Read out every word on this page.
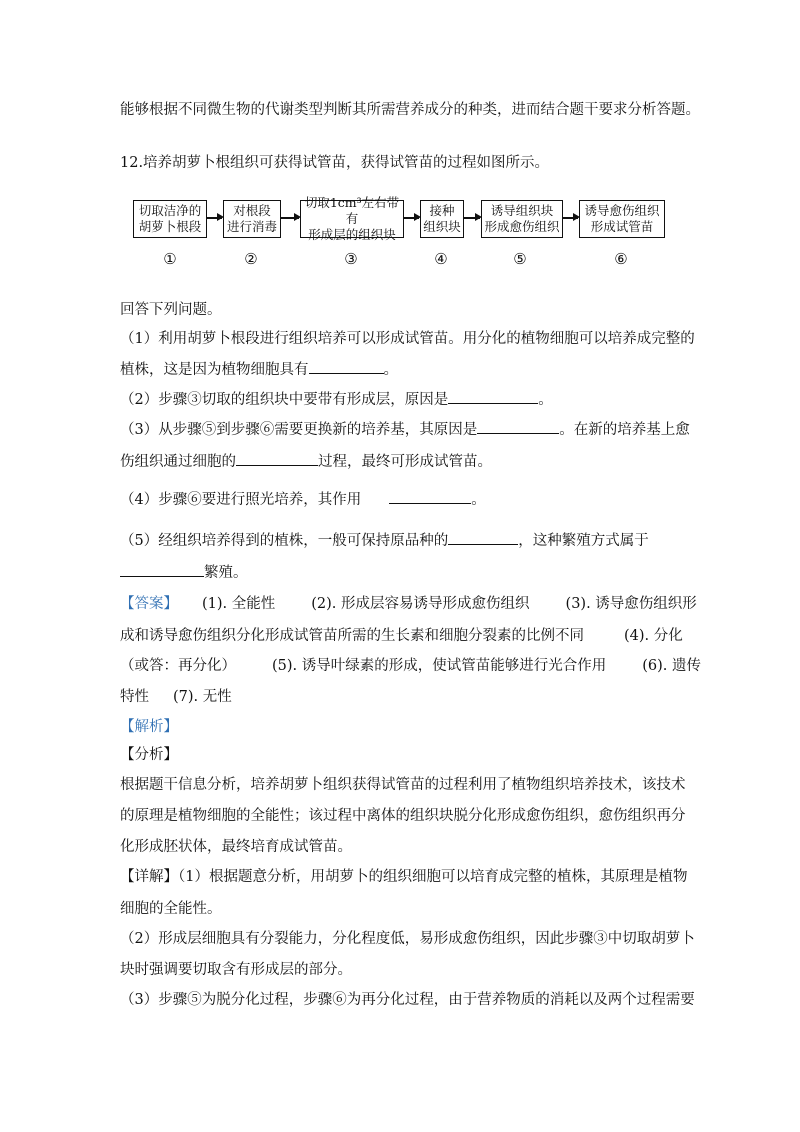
能够根据不同微生物的代谢类型判断其所需营养成分的种类，进而结合题干要求分析答题。
12.培养胡萝卜根组织可获得试管苗，获得试管苗的过程如图所示。
切取洁净的
胡萝卜根段
对根段
进行消毒
切取1cm³左右带有
形成层的组织块
接种
组织块
诱导组织块
形成愈伤组织
诱导愈伤组织
形成试管苗
①	②	③	④	⑤	⑥
回答下列问题。
（1）利用胡萝卜根段进行组织培养可以形成试管苗。用分化的植物细胞可以培养成完整的
植株，这是因为植物细胞具有	。
（2）步骤③切取的组织块中要带有形成层，原因是	。
（3）从步骤⑤到步骤⑥需要更换新的培养基，其原因是	。在新的培养基上愈
伤组织通过细胞的	过程，最终可形成试管苗。
（4）步骤⑥要进行照光培养，其作用	。
（5）经组织培养得到的植株，一般可保持原品种的	，这种繁殖方式属于
繁殖。
【答案】 (1). 全能性 (2). 形成层容易诱导形成愈伤组织 (3). 诱导愈伤组织形
成和诱导愈伤组织分化形成试管苗所需的生长素和细胞分裂素的比例不同	(4). 分化
（或答：再分化） (5). 诱导叶绿素的形成，使试管苗能够进行光合作用 (6). 遗传
特性 (7). 无性
【解析】
【分析】
根据题干信息分析，培养胡萝卜组织获得试管苗的过程利用了植物组织培养技术，该技术
的原理是植物细胞的全能性；该过程中离体的组织块脱分化形成愈伤组织，愈伤组织再分
化形成胚状体，最终培育成试管苗。
【详解】（1）根据题意分析，用胡萝卜的组织细胞可以培育成完整的植株，其原理是植物
细胞的全能性。
（2）形成层细胞具有分裂能力，分化程度低，易形成愈伤组织，因此步骤③中切取胡萝卜
块时强调要切取含有形成层的部分。
（3）步骤⑤为脱分化过程，步骤⑥为再分化过程，由于营养物质的消耗以及两个过程需要
